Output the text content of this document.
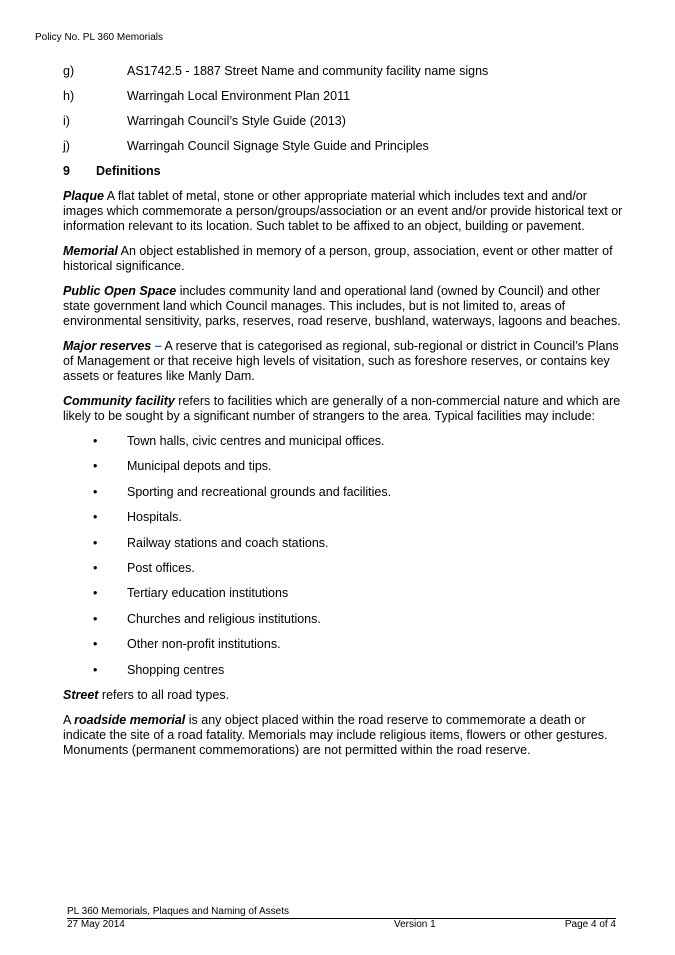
Policy No. PL 360 Memorials
g)	AS1742.5 - 1887 Street Name and community facility name signs
h)	Warringah Local Environment Plan 2011
i)	Warringah Council’s Style Guide (2013)
j)	Warringah Council Signage Style Guide and Principles
9	Definitions

Plaque A flat tablet of metal, stone or other appropriate material which includes text and and/or images which commemorate a person/groups/association or an event and/or provide historical text or information relevant to its location. Such tablet to be affixed to an object, building or pavement.

Memorial An object established in memory of a person, group, association, event or other matter of historical significance.

Public Open Space includes community land and operational land (owned by Council) and other state government land which Council manages. This includes, but is not limited to, areas of environmental sensitivity, parks, reserves, road reserve, bushland, waterways, lagoons and beaches.

Major reserves – A reserve that is categorised as regional, sub-regional or district in Council’s Plans of Management or that receive high levels of visitation, such as foreshore reserves, or contains key assets or features like Manly Dam.

Community facility refers to facilities which are generally of a non-commercial nature and which are likely to be sought by a significant number of strangers to the area. Typical facilities may include:

•	Town halls, civic centres and municipal offices.
•	Municipal depots and tips.
•	Sporting and recreational grounds and facilities.
•	Hospitals.
•	Railway stations and coach stations.
•	Post offices.
•	Tertiary education institutions
•	Churches and religious institutions.
•	Other non-profit institutions.
•	Shopping centres

Street refers to all road types.

A roadside memorial is any object placed within the road reserve to commemorate a death or indicate the site of a road fatality. Memorials may include religious items, flowers or other gestures. Monuments (permanent commemorations) are not permitted within the road reserve.

PL 360 Memorials, Plaques and Naming of Assets
27 May 2014	Version 1	Page 4 of 4
